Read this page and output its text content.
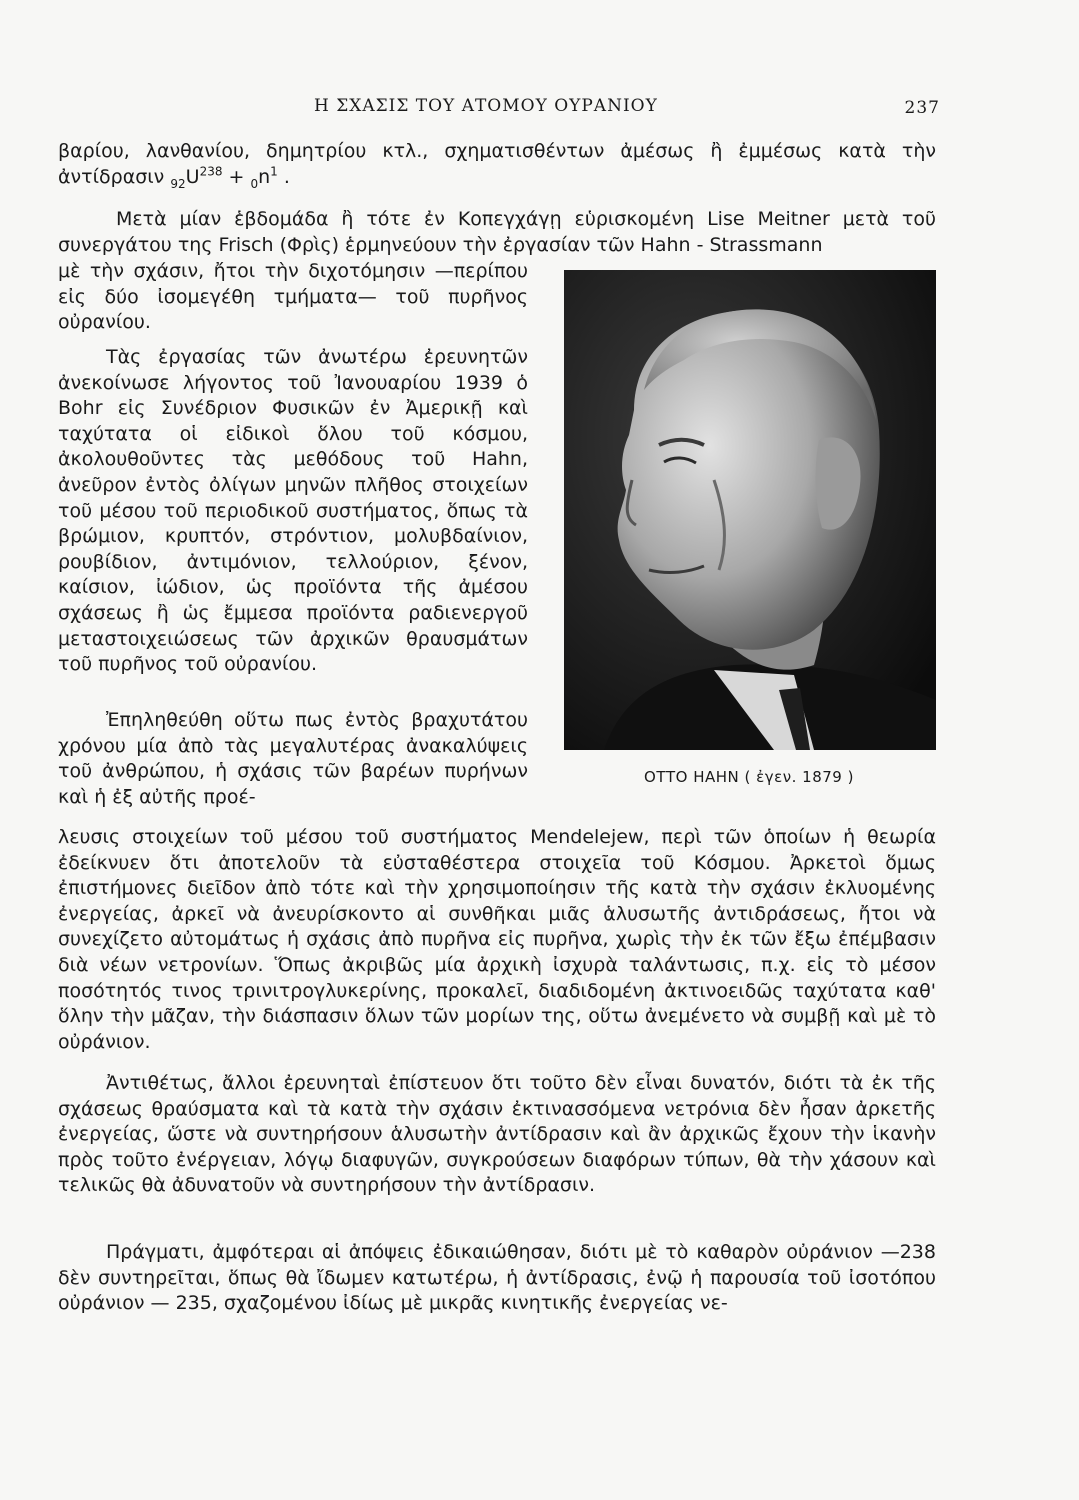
Η ΣΧΑΣΙΣ ΤΟΥ ΑΤΟΜΟΥ ΟΥΡΑΝΙΟΥ	237

βαρίου, λανθανίου, δημητρίου κτλ., σχηματισθέντων ἀμέσως ἢ ἐμμέσως κατὰ τὴν ἀντίδρασιν $_{92}U^{238} + _0n^1$ .

Μετὰ μίαν ἑβδομάδα ἢ τότε ἐν Κοπεγχάγῃ εὑρισκομένη Lise Meitner μετὰ τοῦ συνεργάτου της Frisch (Φρὶς) ἑρμηνεύουν τὴν ἐργασίαν τῶν Hahn - Strassmann

μὲ τὴν σχάσιν, ἤτοι τὴν διχοτόμησιν —περίπου εἰς δύο ἰσομεγέθη τμήματα— τοῦ πυρῆνος οὐρανίου.

Τὰς ἐργασίας τῶν ἀνωτέρω ἐρευνητῶν ἀνεκοίνωσε λήγοντος τοῦ Ἰανουαρίου 1939 ὁ Bohr εἰς Συνέδριον Φυσικῶν ἐν Ἀμερικῇ καὶ ταχύτατα οἱ εἰδικοὶ ὅλου τοῦ κόσμου, ἀκολουθοῦντες τὰς μεθόδους τοῦ Hahn, ἀνεῦρον ἐντὸς ὀλίγων μηνῶν πλῆθος στοιχείων τοῦ μέσου τοῦ περιοδικοῦ συστήματος, ὅπως τὰ βρώμιον, κρυπτόν, στρόντιον, μολυβδαίνιον, ρουβίδιον, ἀντιμόνιον, τελλούριον, ξένον, καίσιον, ἰώδιον, ὡς προϊόντα τῆς ἀμέσου σχάσεως ἢ ὡς ἔμμεσα προϊόντα ραδιενεργοῦ μεταστοιχειώσεως τῶν ἀρχικῶν θραυσμάτων τοῦ πυρῆνος τοῦ οὐρανίου.

Ἐπηληθεύθη οὕτω πως ἐντὸς βραχυτάτου χρόνου μία ἀπὸ τὰς μεγαλυτέρας ἀνακαλύψεις τοῦ ἀνθρώπου, ἡ σχάσις τῶν βαρέων πυρήνων καὶ ἡ ἐξ αὐτῆς προέ-

λευσις στοιχείων τοῦ μέσου τοῦ συστήματος Mendelejew, περὶ τῶν ὁποίων ἡ θεωρία ἐδείκνυεν ὅτι ἀποτελοῦν τὰ εὐσταθέστερα στοιχεῖα τοῦ Κόσμου. Ἀρκετοὶ ὅμως ἐπιστήμονες διεῖδον ἀπὸ τότε καὶ τὴν χρησιμοποίησιν τῆς κατὰ τὴν σχάσιν ἐκλυομένης ἐνεργείας, ἀρκεῖ νὰ ἀνευρίσκοντο αἱ συνθῆκαι μιᾶς ἁλυσωτῆς ἀντιδράσεως, ἤτοι νὰ συνεχίζετο αὐτομάτως ἡ σχάσις ἀπὸ πυρῆνα εἰς πυρῆνα, χωρὶς τὴν ἐκ τῶν ἔξω ἐπέμβασιν διὰ νέων νετρονίων. Ὅπως ἀκριβῶς μία ἀρχικὴ ἰσχυρὰ ταλάντωσις, π.χ. εἰς τὸ μέσον ποσότητός τινος τρινιτρογλυκερίνης, προκαλεῖ, διαδιδομένη ἀκτινοειδῶς ταχύτατα καθ' ὅλην τὴν μᾶζαν, τὴν διάσπασιν ὅλων τῶν μορίων της, οὕτω ἀνεμένετο νὰ συμβῇ καὶ μὲ τὸ οὐράνιον.

Ἀντιθέτως, ἄλλοι ἐρευνηταὶ ἐπίστευον ὅτι τοῦτο δὲν εἶναι δυνατόν, διότι τὰ ἐκ τῆς σχάσεως θραύσματα καὶ τὰ κατὰ τὴν σχάσιν ἐκτινασσόμενα νετρόνια δὲν ἦσαν ἀρκετῆς ἐνεργείας, ὥστε νὰ συντηρήσουν ἁλυσωτὴν ἀντίδρασιν καὶ ἂν ἀρχικῶς ἔχουν τὴν ἱκανὴν πρὸς τοῦτο ἐνέργειαν, λόγῳ διαφυγῶν, συγκρούσεων διαφόρων τύπων, θὰ τὴν χάσουν καὶ τελικῶς θὰ ἀδυνατοῦν νὰ συντηρήσουν τὴν ἀντίδρασιν.

Πράγματι, ἀμφότεραι αἱ ἀπόψεις ἐδικαιώθησαν, διότι μὲ τὸ καθαρὸν οὐράνιον —238 δὲν συντηρεῖται, ὅπως θὰ ἴδωμεν κατωτέρω, ἡ ἀντίδρασις, ἐνῷ ἡ παρουσία τοῦ ἰσοτόπου οὐράνιον — 235, σχαζομένου ἰδίως μὲ μικρᾶς κινητικῆς ἐνεργείας νε-

ΟΤΤΟ ΗΑΗΝ ( ἐγεν. 1879 )
